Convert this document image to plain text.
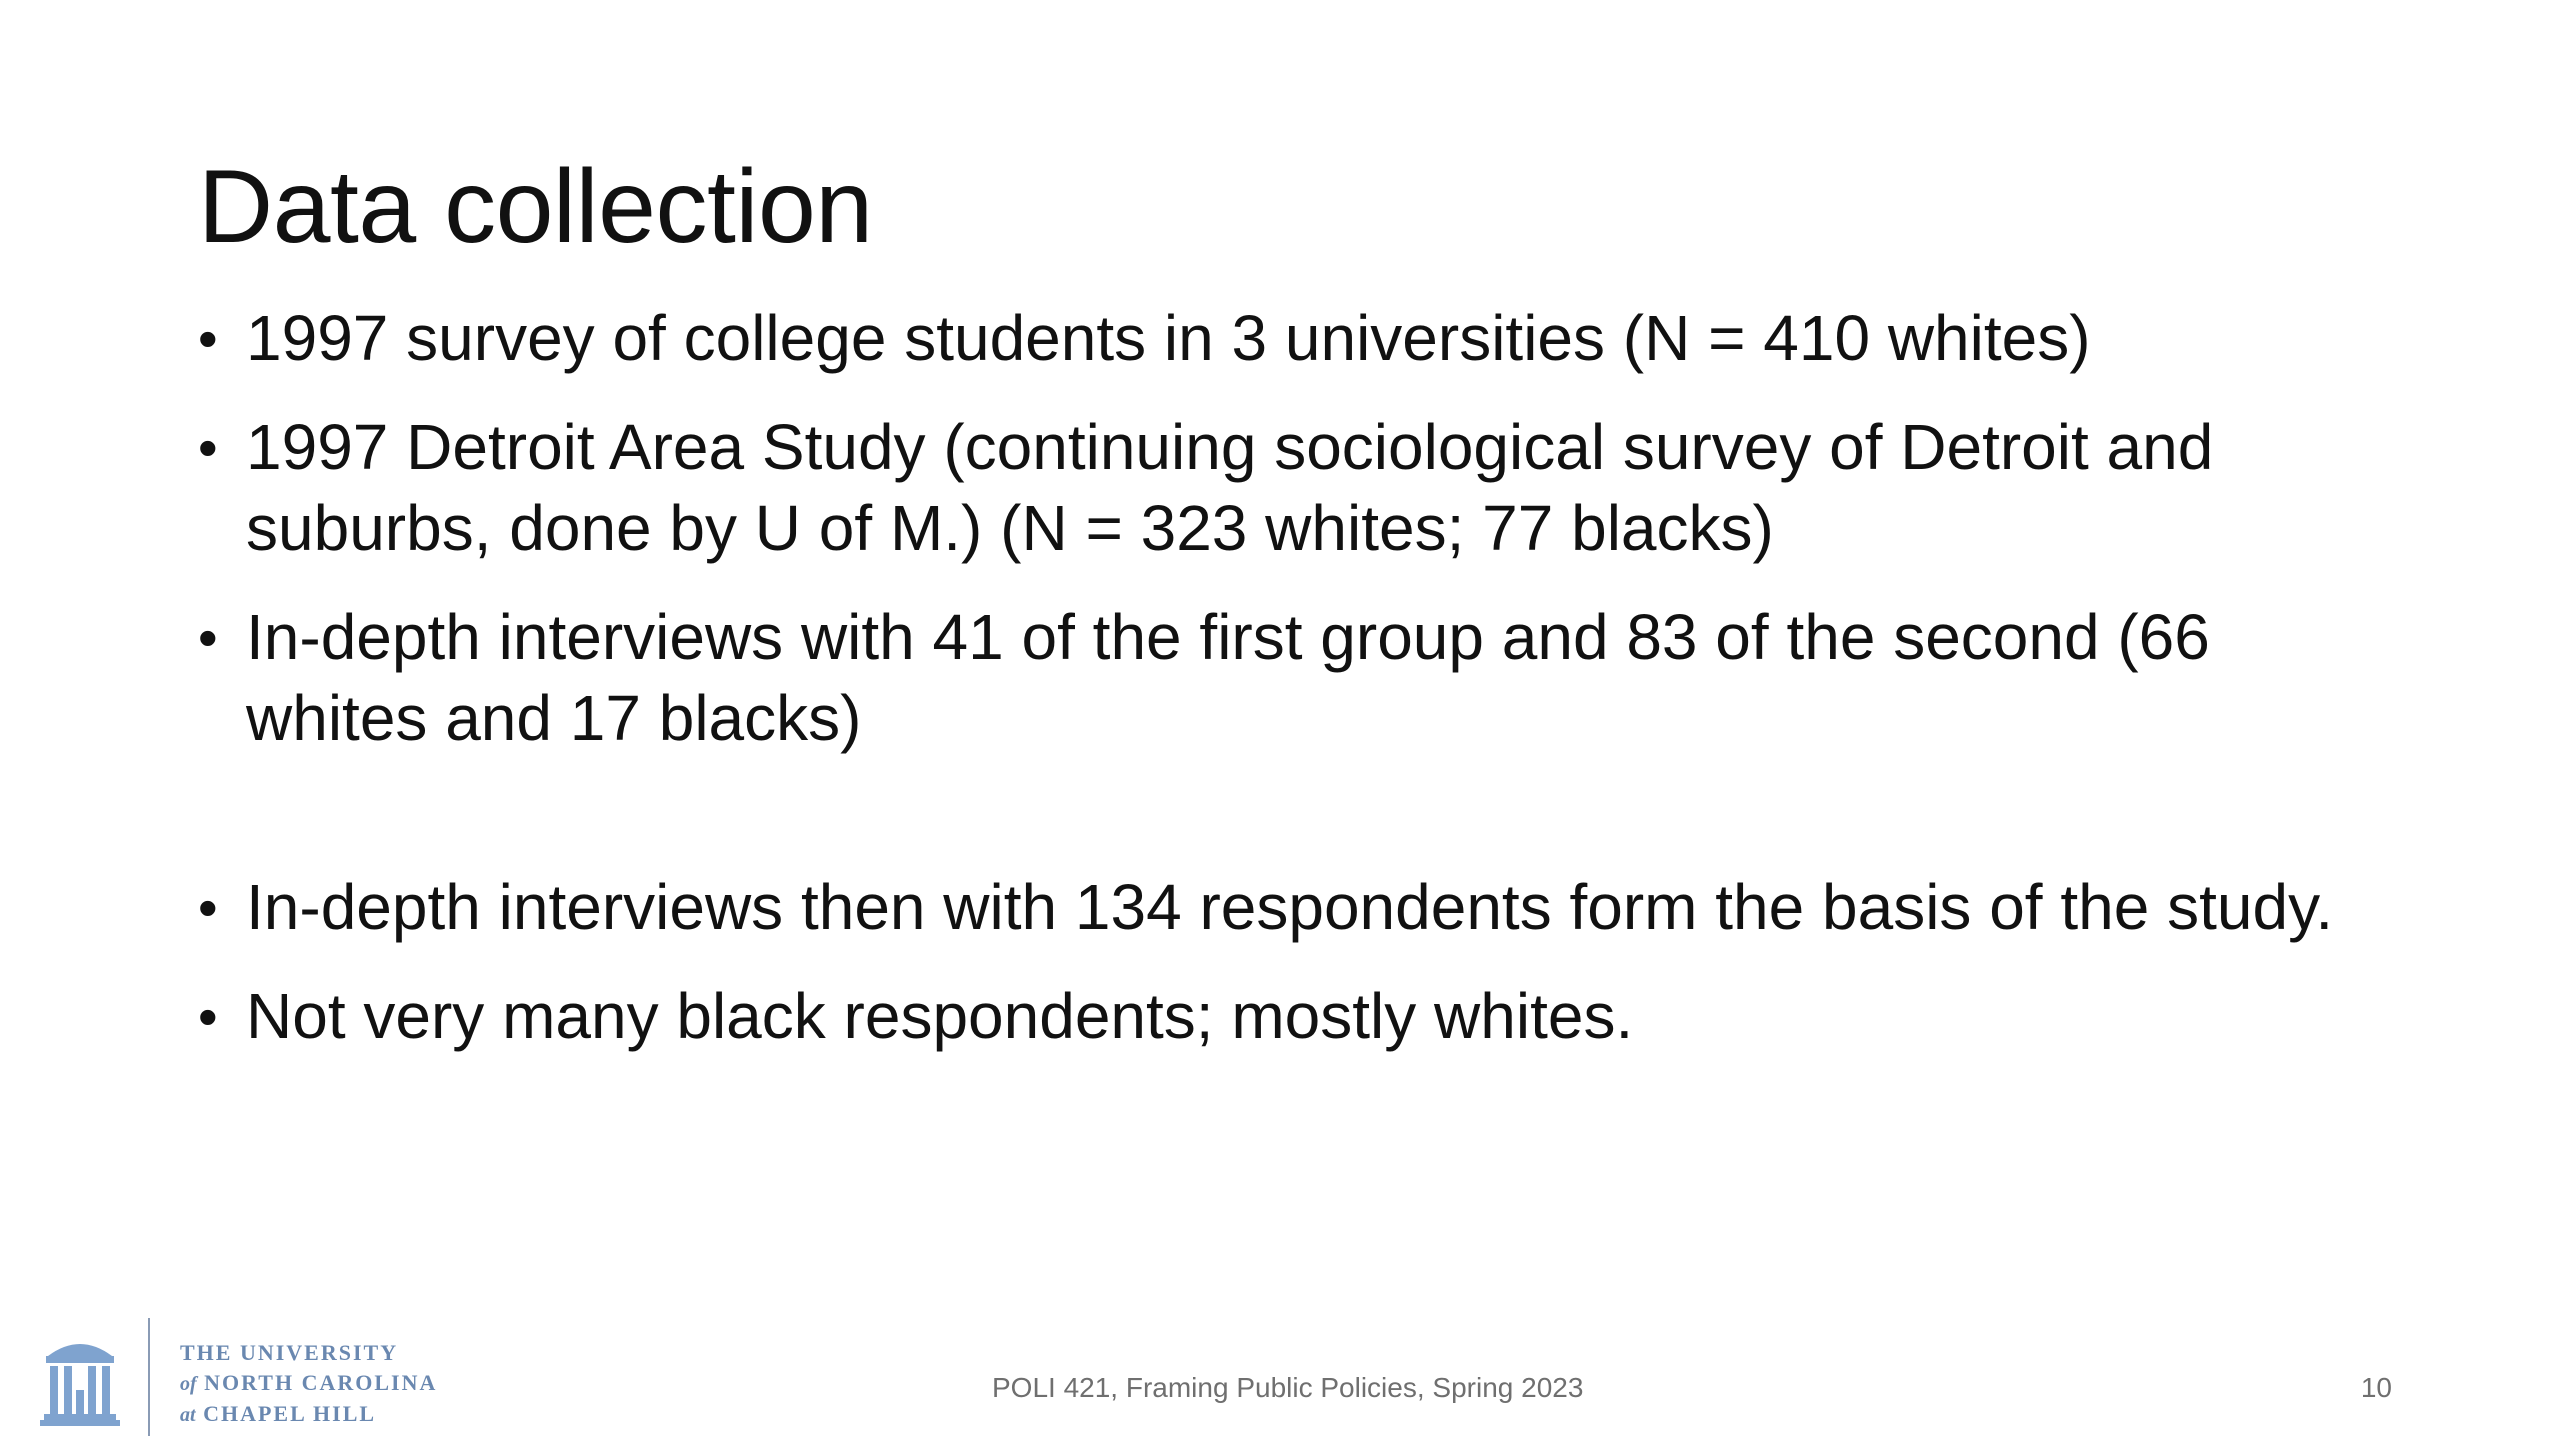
Data collection
• 1997 survey of college students in 3 universities (N = 410 whites)
• 1997 Detroit Area Study (continuing sociological survey of Detroit and suburbs, done by U of M.) (N = 323 whites; 77 blacks)
• In-depth interviews with 41 of the first group and 83 of the second (66 whites and 17 blacks)
• In-depth interviews then with 134 respondents form the basis of the study.
• Not very many black respondents; mostly whites.
THE UNIVERSITY
of NORTH CAROLINA
at CHAPEL HILL
POLI 421, Framing Public Policies, Spring 2023	10
